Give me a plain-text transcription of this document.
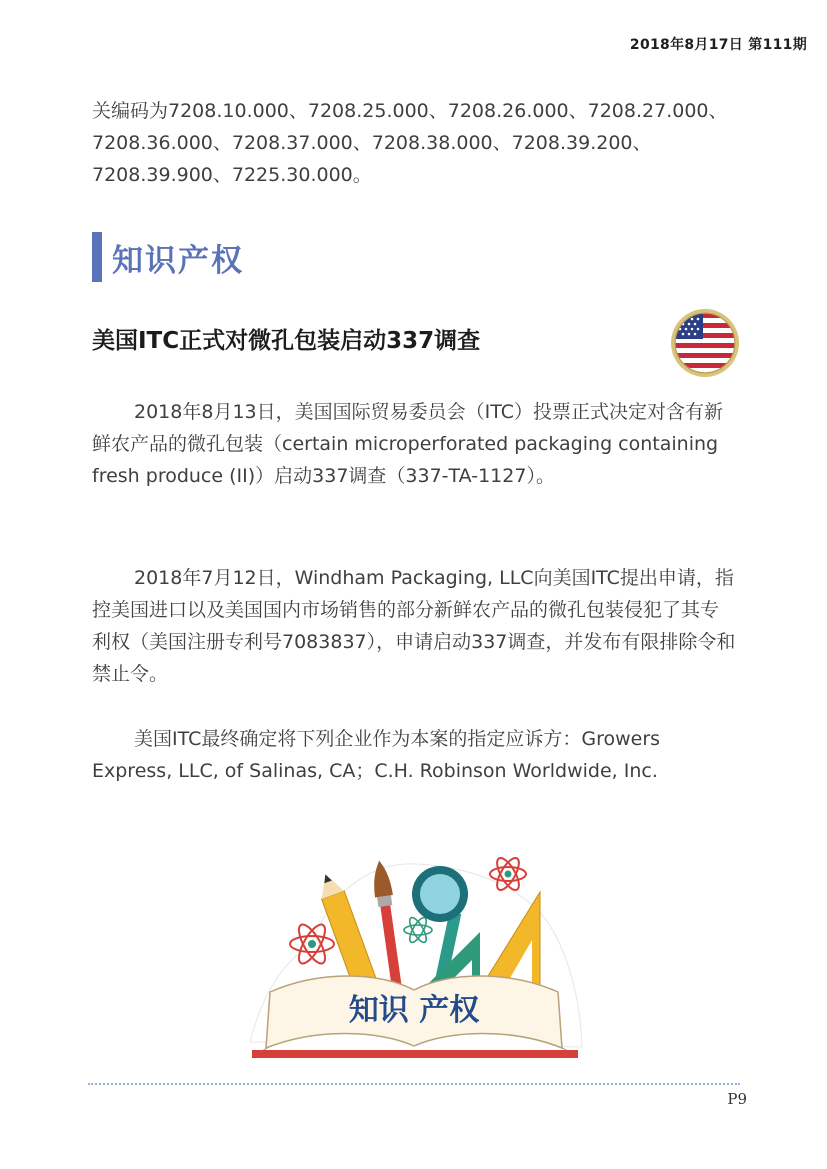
2018年8月17日 第111期

关编码为7208.10.000、7208.25.000、7208.26.000、7208.27.000、7208.36.000、7208.37.000、7208.38.000、7208.39.200、7208.39.900、7225.30.000。

知识产权
美国ITC正式对微孔包装启动337调查

2018年8月13日，美国国际贸易委员会（ITC）投票正式决定对含有新鲜农产品的微孔包装（certain microperforated packaging containing fresh produce (II)）启动337调查（337-TA-1127）。

2018年7月12日，Windham Packaging, LLC向美国ITC提出申请，指控美国进口以及美国国内市场销售的部分新鲜农产品的微孔包装侵犯了其专利权（美国注册专利号7083837），申请启动337调查，并发布有限排除令和禁止令。

美国ITC最终确定将下列企业作为本案的指定应诉方：Growers Express, LLC, of Salinas, CA；C.H. Robinson Worldwide, Inc.

知识 产权
P9
